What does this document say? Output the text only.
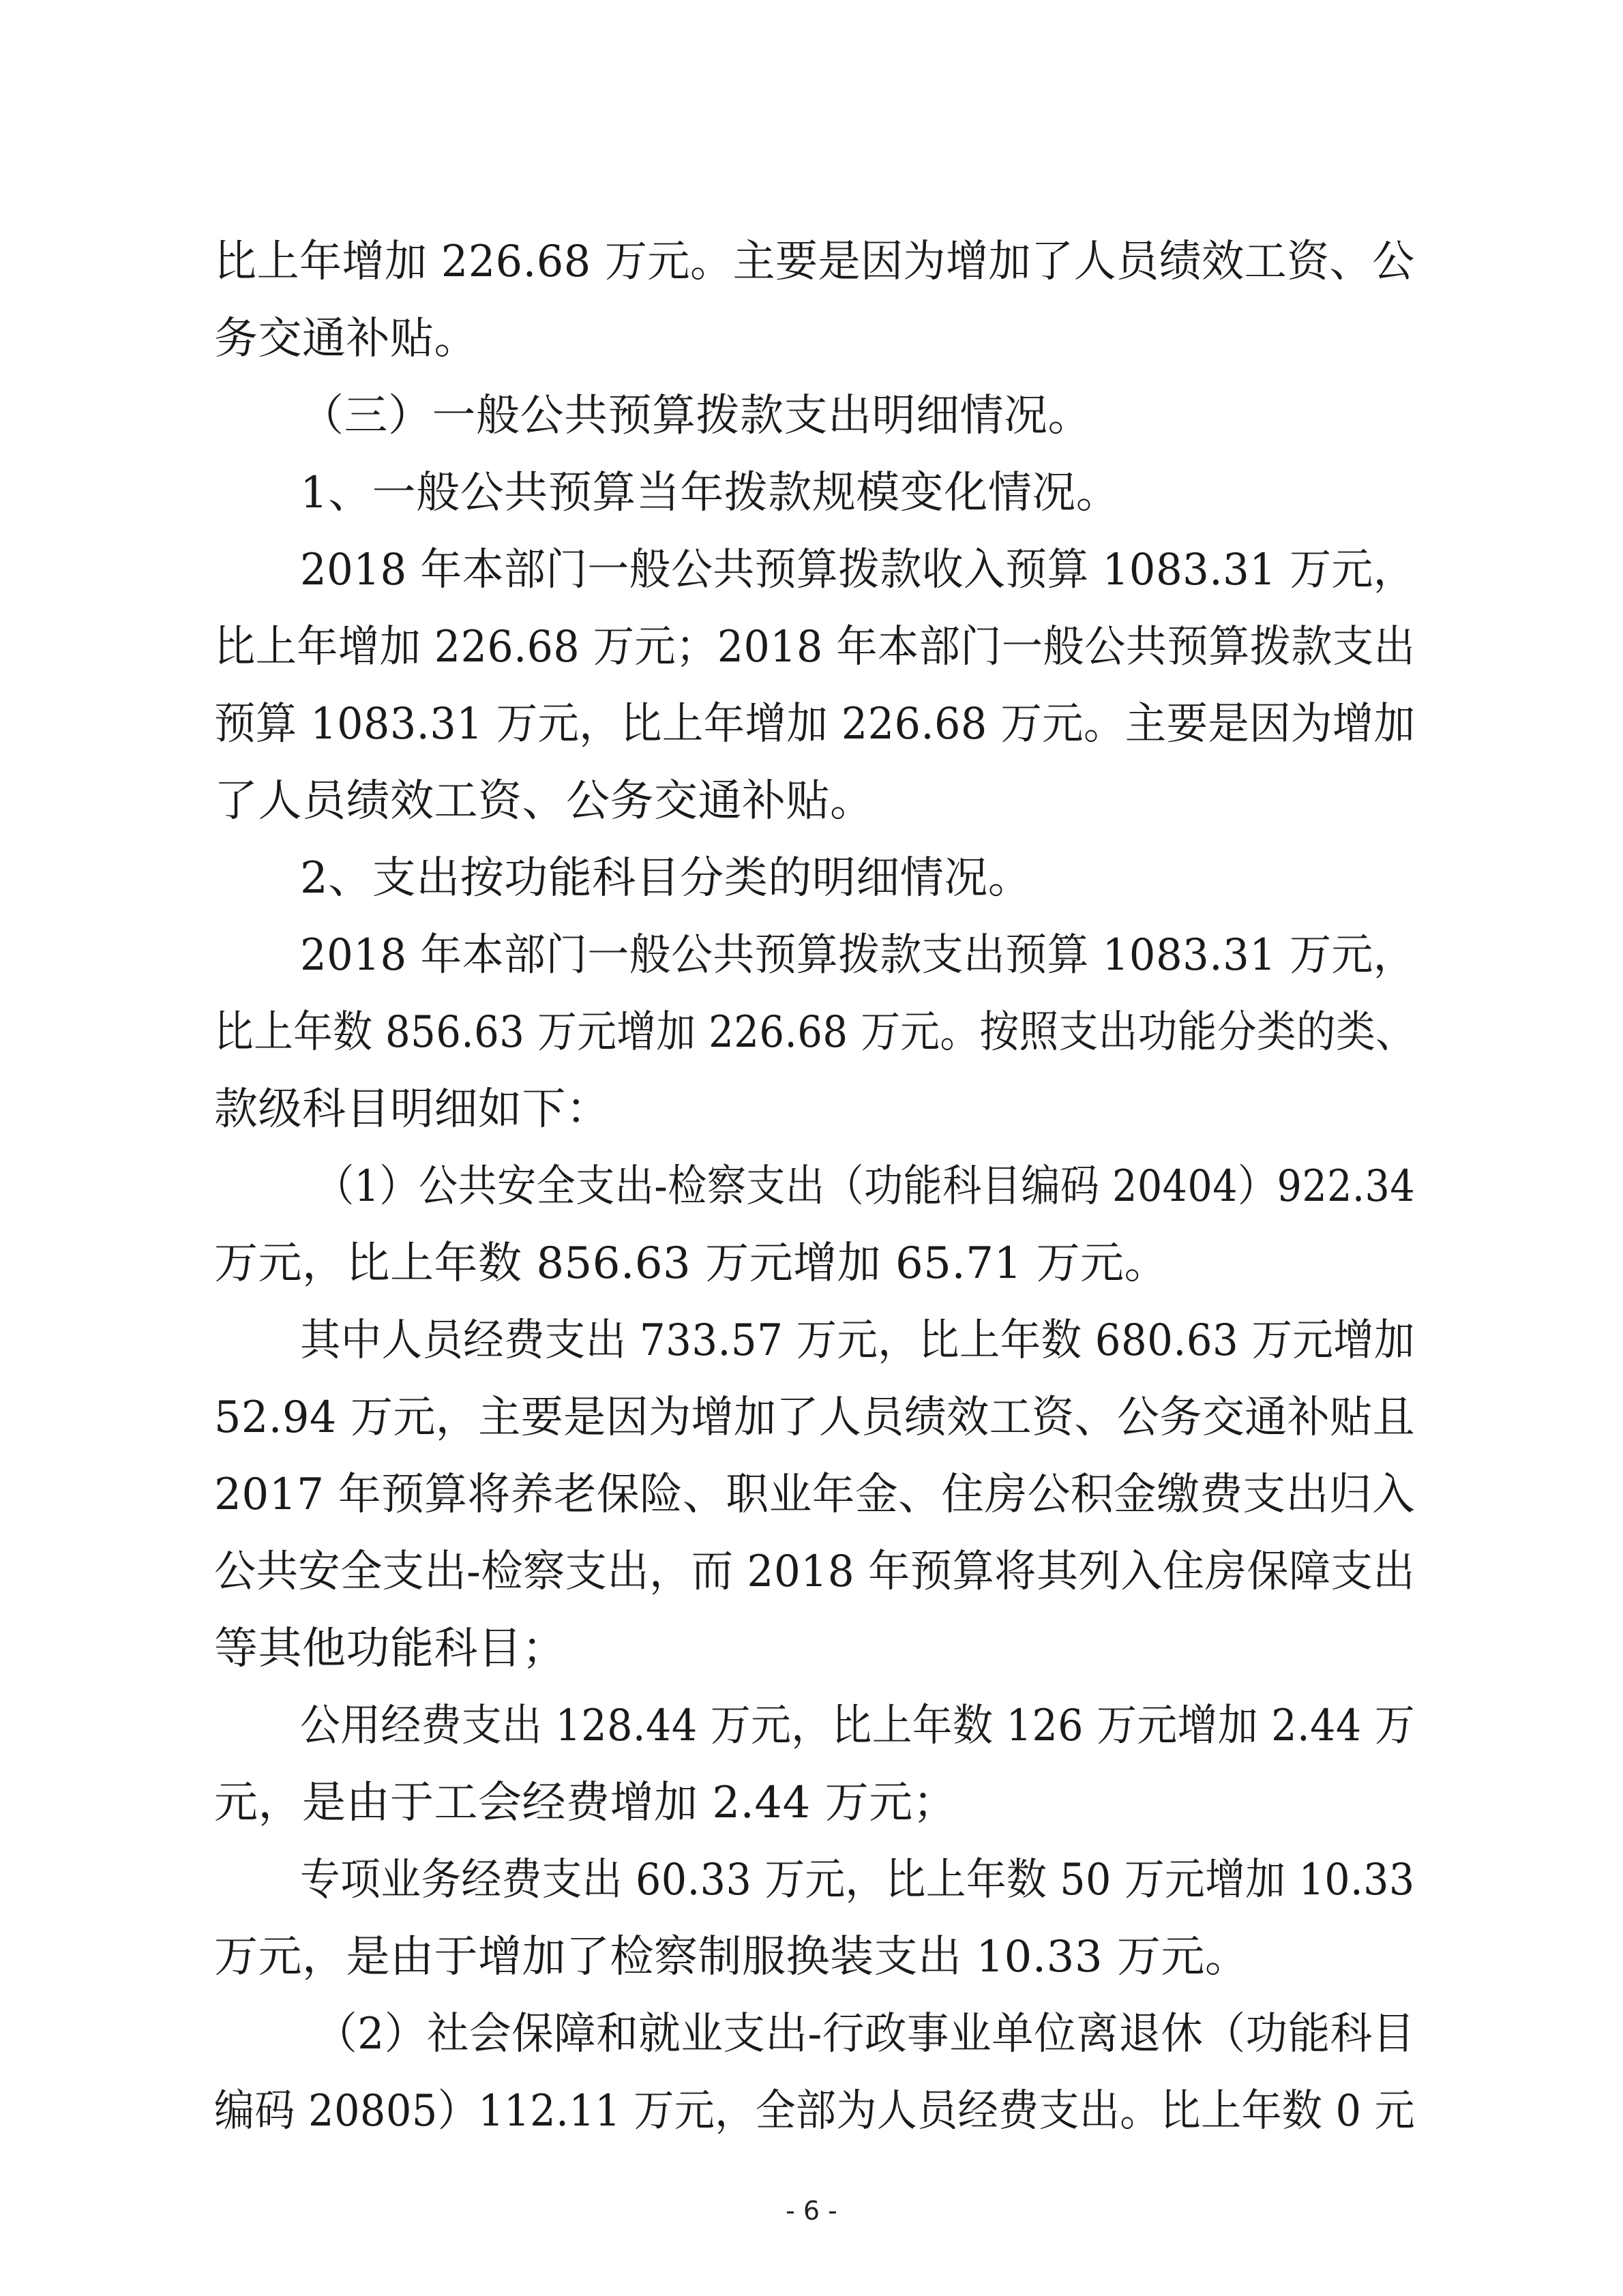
比上年增加 226.68 万元。主要是因为增加了人员绩效工资、公
务交通补贴。
（三）一般公共预算拨款支出明细情况。
1、一般公共预算当年拨款规模变化情况。
2018 年本部门一般公共预算拨款收入预算 1083.31 万元，
比上年增加 226.68 万元；2018 年本部门一般公共预算拨款支出
预算 1083.31 万元，比上年增加 226.68 万元。主要是因为增加
了人员绩效工资、公务交通补贴。
2、支出按功能科目分类的明细情况。
2018 年本部门一般公共预算拨款支出预算 1083.31 万元，
比上年数 856.63 万元增加 226.68 万元。按照支出功能分类的类、
款级科目明细如下：
（1）公共安全支出-检察支出（功能科目编码 20404）922.34
万元，比上年数 856.63 万元增加 65.71 万元。
其中人员经费支出 733.57 万元，比上年数 680.63 万元增加
52.94 万元，主要是因为增加了人员绩效工资、公务交通补贴且
2017 年预算将养老保险、职业年金、住房公积金缴费支出归入
公共安全支出-检察支出，而 2018 年预算将其列入住房保障支出
等其他功能科目；
公用经费支出 128.44 万元，比上年数 126 万元增加 2.44 万
元，是由于工会经费增加 2.44 万元；
专项业务经费支出 60.33 万元，比上年数 50 万元增加 10.33
万元，是由于增加了检察制服换装支出 10.33 万元。
（2）社会保障和就业支出-行政事业单位离退休（功能科目
编码 20805）112.11 万元，全部为人员经费支出。比上年数 0 元
- 6 -
